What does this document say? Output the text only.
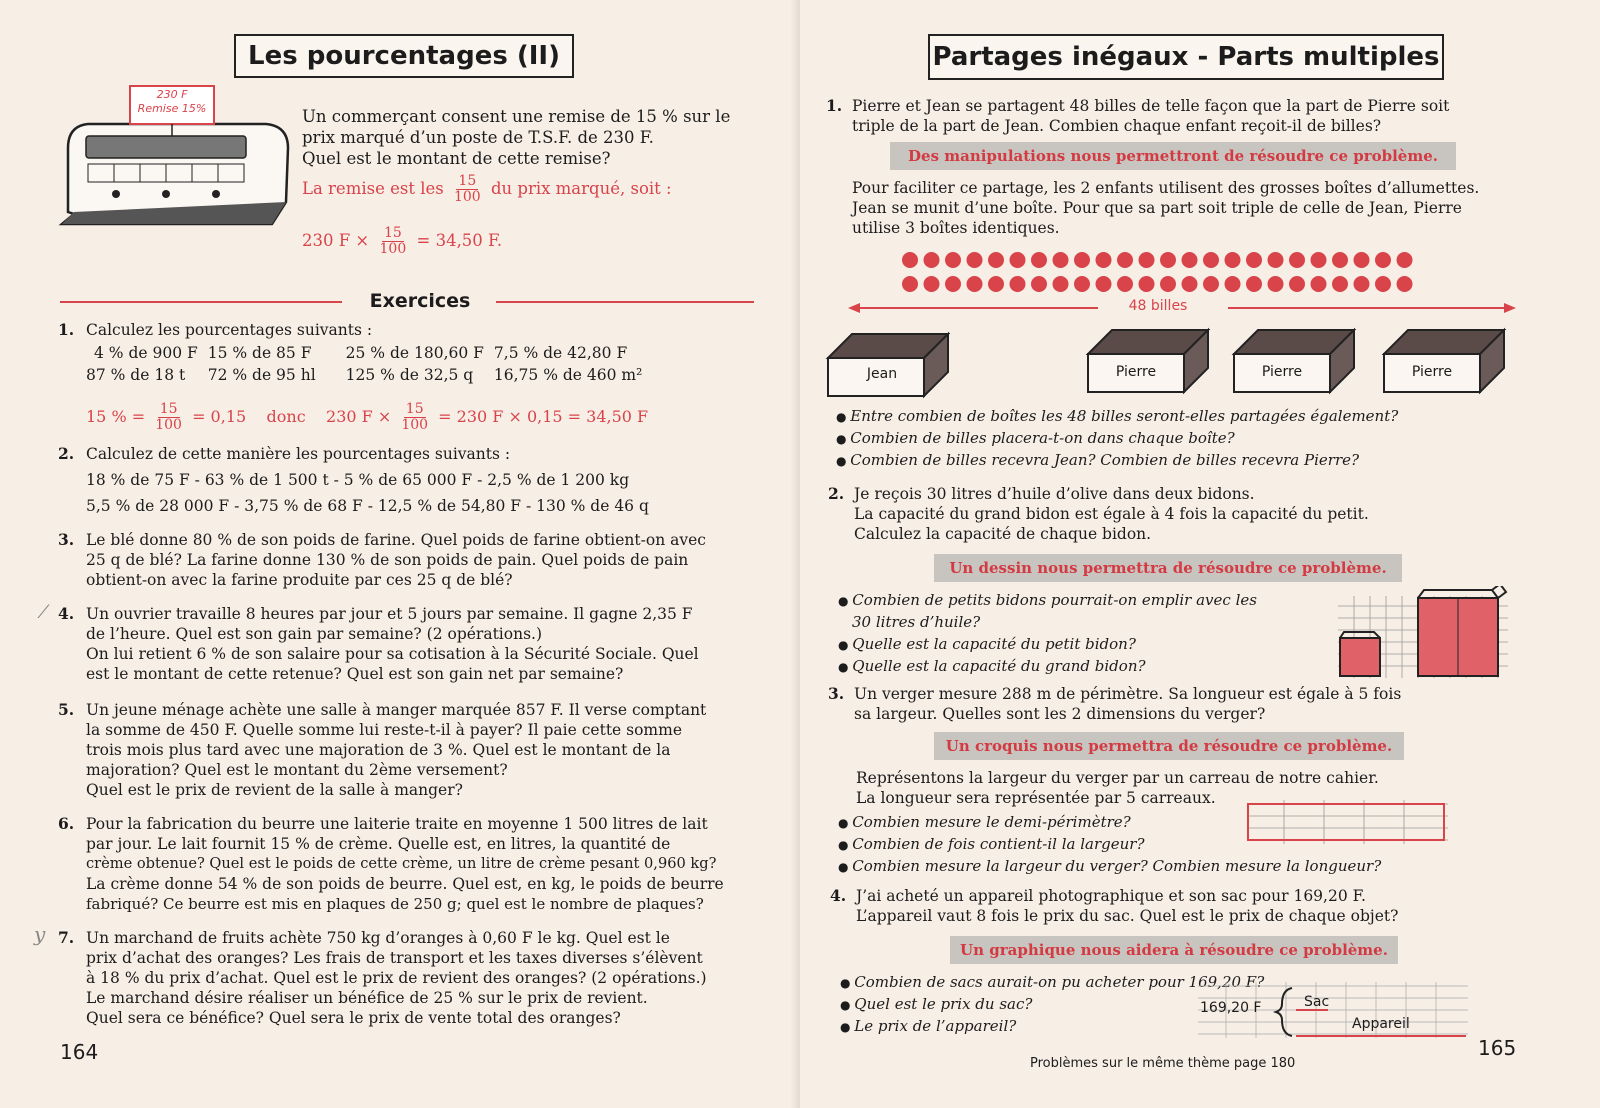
Les pourcentages (II)
230 F
Remise 15%	Un commerçant consent une remise de 15 % sur le
prix marqué d’un poste de T.S.F. de 230 F.
Quel est le montant de cette remise?
La remise est les $\frac{15}{100}$ du prix marqué, soit :
230 $F \times \frac{15}{100} = 34,50$ F.
Exercices
1. Calculez les pourcentages suivants :
4 % de 900 F	15 % de 85 F	25 % de 180,60 F	7,5 % de 42,80 F
87 % de 18 t	72 % de 95 hl	125 % de 32,5 q	16,75 % de 460 m²
15 % = $\frac{15}{100} = 0,15$    donc    230 $F \times \frac{15}{100} = 230$ F × 0,15 = 34,50 F
2. Calculez de cette manière les pourcentages suivants :
18 % de 75 F - 63 % de 1 500 t - 5 % de 65 000 F - 2,5 % de 1 200 kg
5,5 % de 28 000 F - 3,75 % de 68 F - 12,5 % de 54,80 F - 130 % de 46 q
3. Le blé donne 80 % de son poids de farine. Quel poids de farine obtient-on avec
25 q de blé? La farine donne 130 % de son poids de pain. Quel poids de pain
obtient-on avec la farine produite par ces 25 q de blé?
⁄ 4. Un ouvrier travaille 8 heures par jour et 5 jours par semaine. Il gagne 2,35 F
de l’heure. Quel est son gain par semaine? (2 opérations.)
On lui retient 6 % de son salaire pour sa cotisation à la Sécurité Sociale. Quel
est le montant de cette retenue? Quel est son gain net par semaine?
5. Un jeune ménage achète une salle à manger marquée 857 F. Il verse comptant
la somme de 450 F. Quelle somme lui reste-t-il à payer? Il paie cette somme
trois mois plus tard avec une majoration de 3 %. Quel est le montant de la
majoration? Quel est le montant du 2ème versement?
Quel est le prix de revient de la salle à manger?
6. Pour la fabrication du beurre une laiterie traite en moyenne 1 500 litres de lait
par jour. Le lait fournit 15 % de crème. Quelle est, en litres, la quantité de
crème obtenue? Quel est le poids de cette crème, un litre de crème pesant 0,960 kg?
La crème donne 54 % de son poids de beurre. Quel est, en kg, le poids de beurre
fabriqué? Ce beurre est mis en plaques de 250 g; quel est le nombre de plaques?
y 7. Un marchand de fruits achète 750 kg d’oranges à 0,60 F le kg. Quel est le
prix d’achat des oranges? Les frais de transport et les taxes diverses s’élèvent
à 18 % du prix d’achat. Quel est le prix de revient des oranges? (2 opérations.)
Le marchand désire réaliser un bénéfice de 25 % sur le prix de revient.
Quel sera ce bénéfice? Quel sera le prix de vente total des oranges?
164
Partages inégaux - Parts multiples
1. Pierre et Jean se partagent 48 billes de telle façon que la part de Pierre soit
triple de la part de Jean. Combien chaque enfant reçoit-il de billes?
Des manipulations nous permettront de résoudre ce problème.
Pour faciliter ce partage, les 2 enfants utilisent des grosses boîtes d’allumettes.
Jean se munit d’une boîte. Pour que sa part soit triple de celle de Jean, Pierre
utilise 3 boîtes identiques.
48 billes
Jean	Pierre	Pierre	Pierre
● Entre combien de boîtes les 48 billes seront-elles partagées également?
● Combien de billes placera-t-on dans chaque boîte?
● Combien de billes recevra Jean? Combien de billes recevra Pierre?
2. Je reçois 30 litres d’huile d’olive dans deux bidons.
La capacité du grand bidon est égale à 4 fois la capacité du petit.
Calculez la capacité de chaque bidon.
Un dessin nous permettra de résoudre ce problème.
● Combien de petits bidons pourrait-on emplir avec les
30 litres d’huile?
● Quelle est la capacité du petit bidon?
● Quelle est la capacité du grand bidon?
3. Un verger mesure 288 m de périmètre. Sa longueur est égale à 5 fois
sa largeur. Quelles sont les 2 dimensions du verger?
Un croquis nous permettra de résoudre ce problème.
Représentons la largeur du verger par un carreau de notre cahier.
La longueur sera représentée par 5 carreaux.
● Combien mesure le demi-périmètre?
● Combien de fois contient-il la largeur?
● Combien mesure la largeur du verger? Combien mesure la longueur?
4. J’ai acheté un appareil photographique et son sac pour 169,20 F.
L’appareil vaut 8 fois le prix du sac. Quel est le prix de chaque objet?
Un graphique nous aidera à résoudre ce problème.
● Combien de sacs aurait-on pu acheter pour 169,20 F?
● Quel est le prix du sac?
● Le prix de l’appareil?
169,20 F	Sac
Appareil
Problèmes sur le même thème page 180
165
